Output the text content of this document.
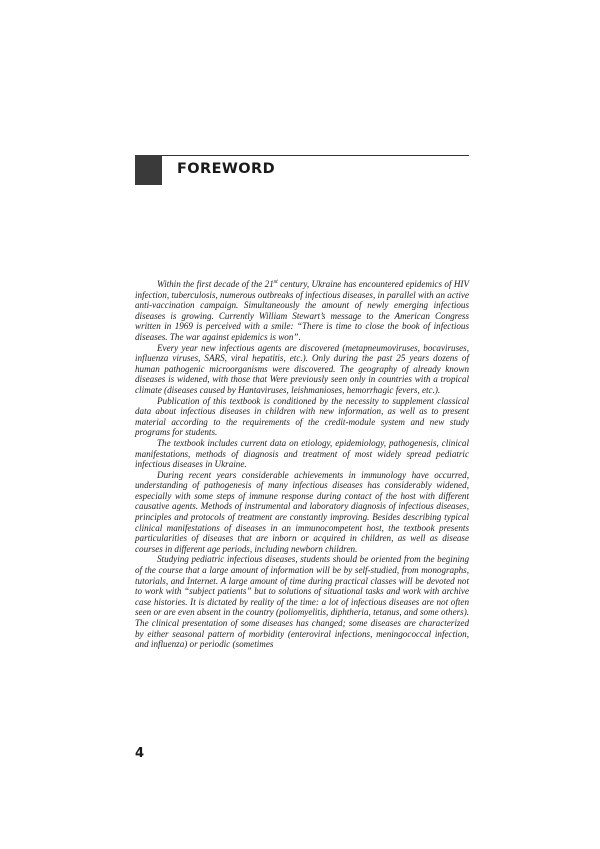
FOREWORD

Within the first decade of the 21st century, Ukraine has encountered epidemics of HIV infection, tuberculosis, numerous outbreaks of infectious diseases, in parallel with an active anti-vaccination campaign. Simultaneously the amount of newly emerging infectious diseases is growing. Currently William Stewart’s message to the American Congress written in 1969 is perceived with a smile: “There is time to close the book of infectious diseases. The war against epidemics is won”.

Every year new infectious agents are discovered (metapneumoviruses, bocaviruses, influenza viruses, SARS, viral hepatitis, etc.). Only during the past 25 years dozens of human pathogenic microorganisms were discovered. The geography of already known diseases is widened, with those that Were previously seen only in countries with a tropical climate (diseases caused by Hantaviruses, leishmanioses, hemorrhagic fevers, etc.).

Publication of this textbook is conditioned by the necessity to supplement classical data about infectious diseases in children with new information, as well as to present material according to the requirements of the credit-module system and new study programs for students.

The textbook includes current data on etiology, epidemiology, pathogenesis, clinical manifestations, methods of diagnosis and treatment of most widely spread pediatric infectious diseases in Ukraine.

During recent years considerable achievements in immunology have occurred, understanding of pathogenesis of many infectious diseases has considerably widened, especially with some steps of immune response during contact of the host with different causative agents. Methods of instrumental and laboratory diagnosis of infectious diseases, principles and protocols of treatment are constantly improving. Besides describing typical clinical manifestations of diseases in an immunocompetent host, the textbook presents particularities of diseases that are inborn or acquired in children, as well as disease courses in different age periods, including newborn children.

Studying pediatric infectious diseases, students should be oriented from the begining of the course that a large amount of information will be by self-studied, from monographs, tutorials, and Internet. A large amount of time during practical classes will be devoted not to work with “subject patients” but to solutions of situational tasks and work with archive case histories. It is dictated by reality of the time: a lot of infectious diseases are not often seen or are even absent in the country (poliomyelitis, diphtheria, tetanus, and some others). The clinical presentation of some diseases has changed; some diseases are characterized by either seasonal pattern of morbidity (enteroviral infections, meningococcal infection, and influenza) or periodic (sometimes

4
